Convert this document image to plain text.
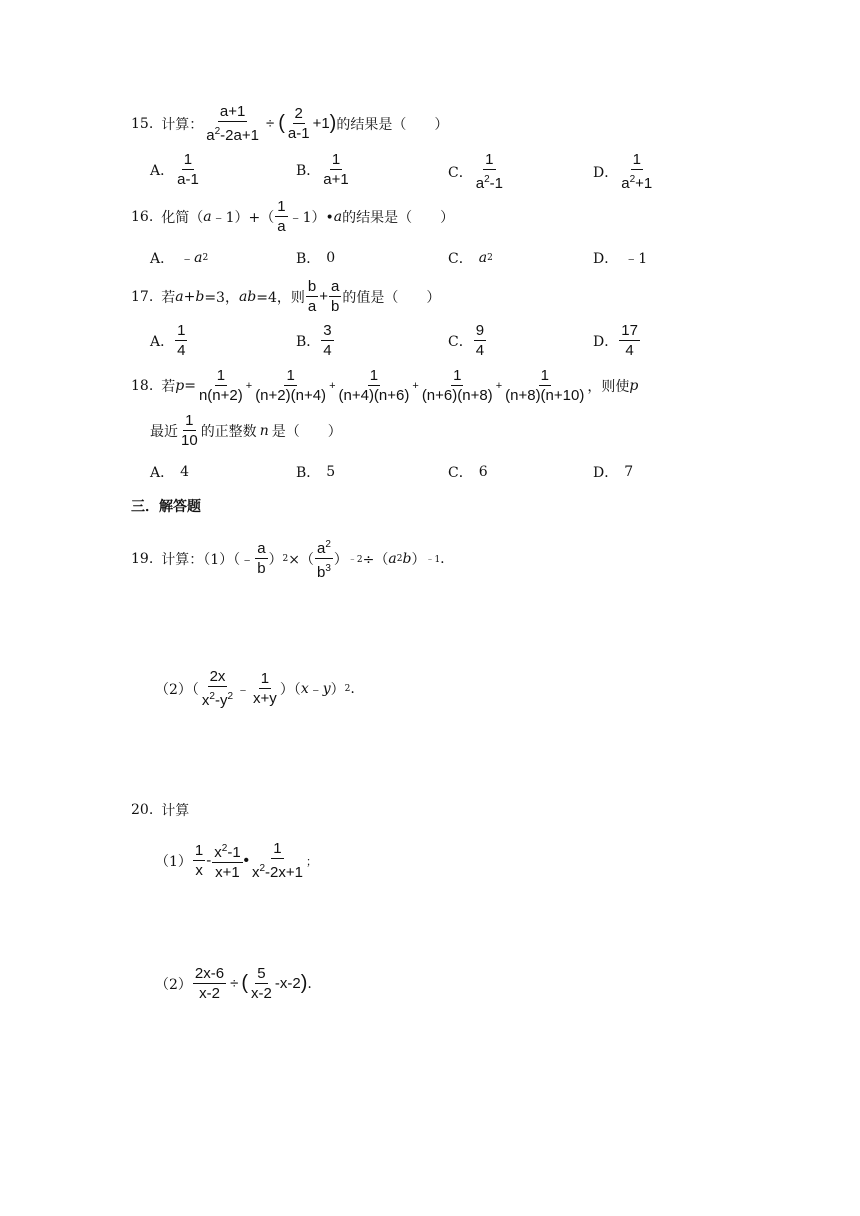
15. 计算： $\frac{a+1}{a^2-2a+1}$ ÷ ( $\frac{2}{a-1} +1$ ) 的结果是（　　）
A． $\frac{1}{a-1}$	B． $\frac{1}{a+1}$	C． $\frac{1}{a^2-1}$	D． $\frac{1}{a^2+1}$
16. 化简（ a ﹣1）+（ $\frac{1}{a}$ ﹣1）• a 的结果是（　　）
A． ﹣ a 2	B． 0	C． a 2	D． ﹣1
17. 若 a+b =3， ab =4，则 $\frac{b}{a} + \frac{a}{b}$ 的值是（　　）
A． $\frac{1}{4}$	B． $\frac{3}{4}$	C． $\frac{9}{4}$	D． $\frac{17}{4}$
18. 若 $p = \frac{1}{n(n+2)} + \frac{1}{(n+2)(n+4)} + \frac{1}{(n+4)(n+6)} + \frac{1}{(n+6)(n+8)} + \frac{1}{(n+8)(n+10)}$ ，则使 p
最近 $\frac{1}{10}$ 的正整数 n 是（　　）
A． 4	B． 5	C． 6	D． 7
三．解答题
19. 计算：（1）（﹣ $\frac{a}{b}$ ） 2 ×（ $\frac{a^2}{b^3}$ ） ﹣2 ÷（ a 2 b ） ﹣1 .
$(2)( \frac{2x}{x^2-y^2}$ ﹣ $\frac{1}{x+y}$ ）（ x ﹣ y ） 2 .
20. 计算
$(1) \frac{1}{x} - \frac{x^2-1}{x+1}$ • $\frac{1}{x^2-2x+1}$ ；
$(2) \frac{2x-6}{x-2}$ ÷ ( $\frac{5}{x-2} -x-2$ ) .
